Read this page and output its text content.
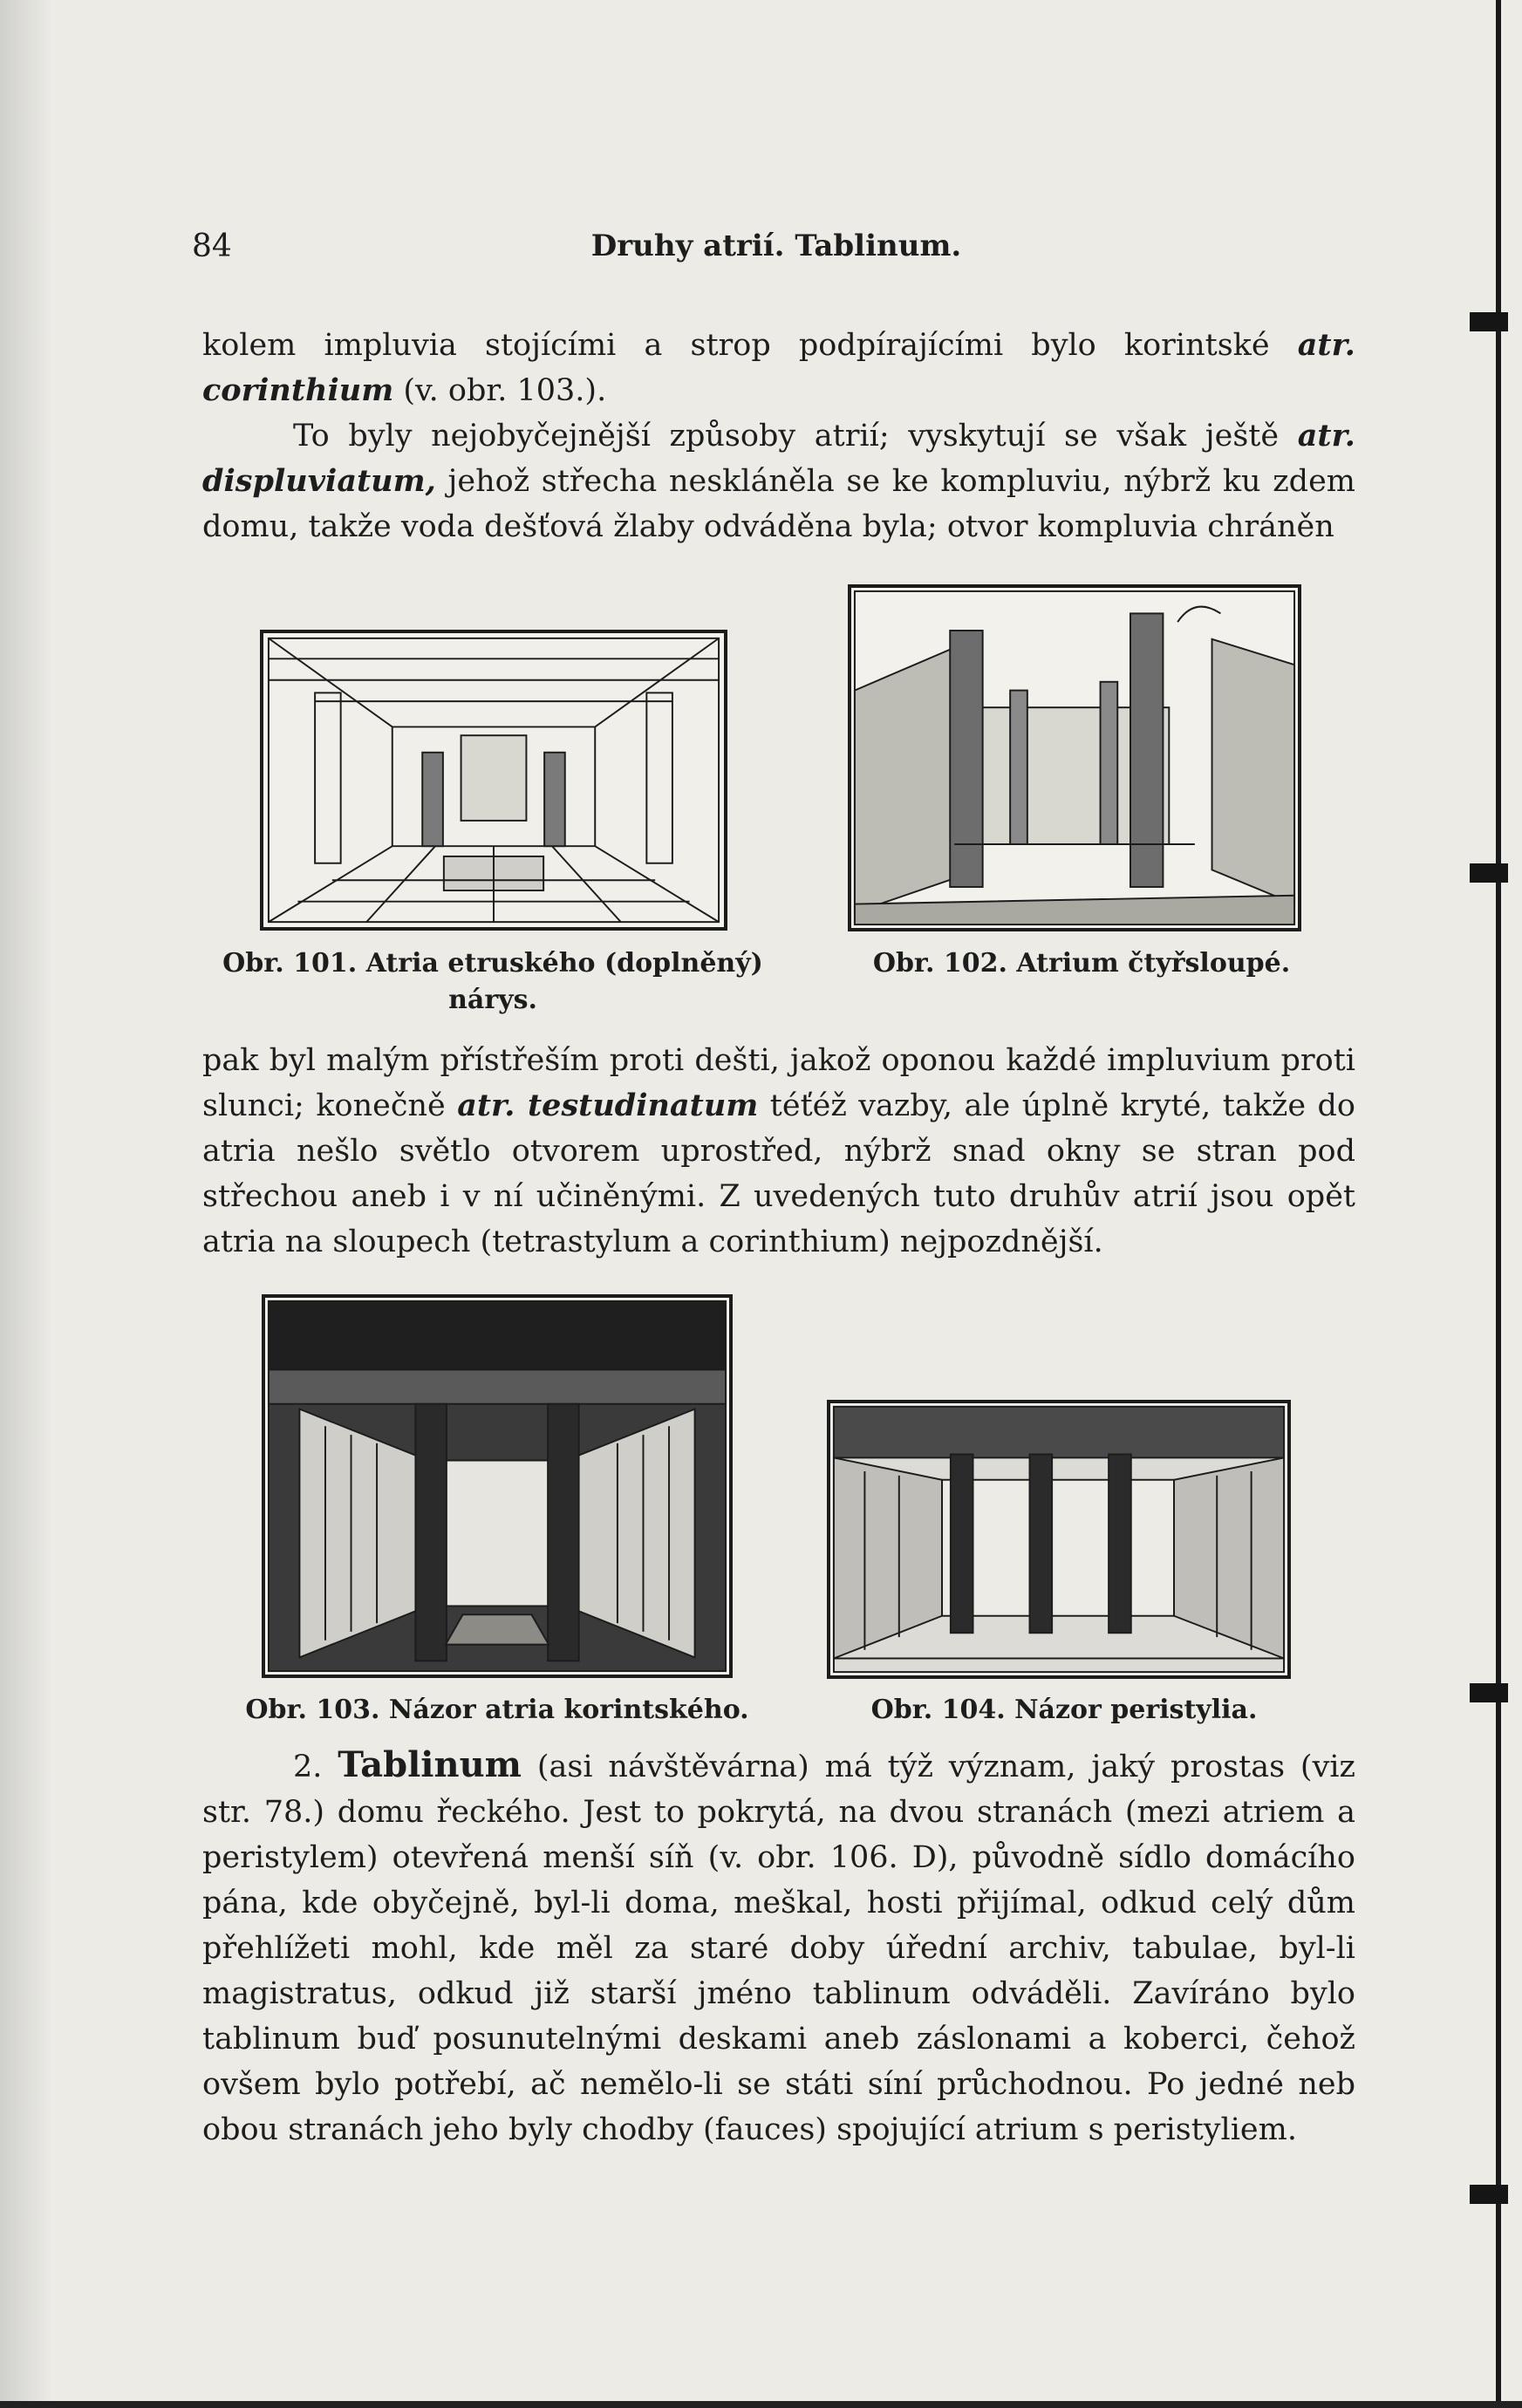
84	Druhy atrií. Tablinum.

kolem impluvia stojícími a strop podpírajícími bylo korintské atr. corinthium (v. obr. 103.).

To byly nejobyčejnější způsoby atrií; vyskytují se však ještě atr. displuviatum, jehož střecha neskláněla se ke kompluviu, nýbrž ku zdem domu, takže voda dešťová žlaby odváděna byla; otvor kompluvia chráněn

Obr. 101. Atria etruského (doplněný)
nárys.
Obr. 102. Atrium čtyřsloupé.

pak byl malým přístřeším proti dešti, jakož oponou každé impluvium proti slunci; konečně atr. testudinatum téťéž vazby, ale úplně kryté, takže do atria nešlo světlo otvorem uprostřed, nýbrž snad okny se stran pod střechou aneb i v ní učiněnými. Z uvedených tuto druhův atrií jsou opět atria na sloupech (tetrastylum a corinthium) nejpozdnější.

Obr. 103. Názor atria korintského.	Obr. 104. Názor peristylia.

2. Tablinum (asi návštěvárna) má týž význam, jaký prostas (viz str. 78.) domu řeckého. Jest to pokrytá, na dvou stranách (mezi atriem a peristylem) otevřená menší síň (v. obr. 106. D), původně sídlo domácího pána, kde obyčejně, byl-li doma, meškal, hosti přijímal, odkud celý dům přehlížeti mohl, kde měl za staré doby úřední archiv, tabulae, byl-li magistratus, odkud již starší jméno tablinum odváděli. Zavíráno bylo tablinum buď posunutelnými deskami aneb záslonami a koberci, čehož ovšem bylo potřebí, ač nemělo-li se státi síní průchodnou. Po jedné neb obou stranách jeho byly chodby (fauces) spojující atrium s peristyliem.
